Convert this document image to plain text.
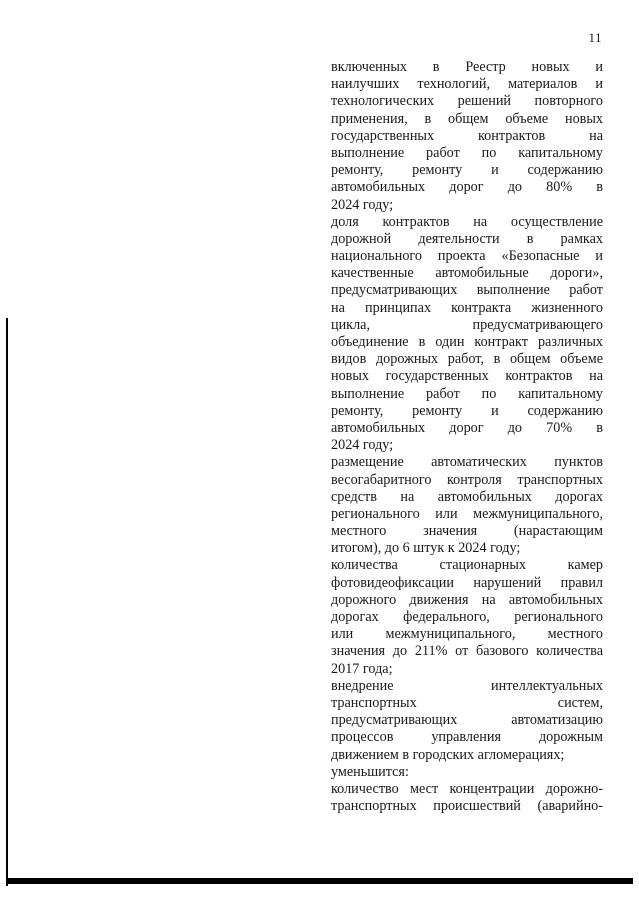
11
включенных в Реестр новых и
наилучших технологий, материалов и
технологических решений повторного
применения, в общем объеме новых
государственных контрактов на
выполнение работ по капитальному
ремонту, ремонту и содержанию
автомобильных дорог до 80% в
2024 году;
доля контрактов на осуществление
дорожной деятельности в рамках
национального проекта «Безопасные и
качественные автомобильные дороги»,
предусматривающих выполнение работ
на принципах контракта жизненного
цикла, предусматривающего
объединение в один контракт различных
видов дорожных работ, в общем объеме
новых государственных контрактов на
выполнение работ по капитальному
ремонту, ремонту и содержанию
автомобильных дорог до 70% в
2024 году;
размещение автоматических пунктов
весогабаритного контроля транспортных
средств на автомобильных дорогах
регионального или межмуниципального,
местного значения (нарастающим
итогом), до 6 штук к 2024 году;
количества стационарных камер
фотовидеофиксации нарушений правил
дорожного движения на автомобильных
дорогах федерального, регионального
или межмуниципального, местного
значения до 211% от базового количества
2017 года;
внедрение интеллектуальных
транспортных систем,
предусматривающих автоматизацию
процессов управления дорожным
движением в городских агломерациях;
уменьшится:
количество мест концентрации дорожно-
транспортных происшествий (аварийно-
